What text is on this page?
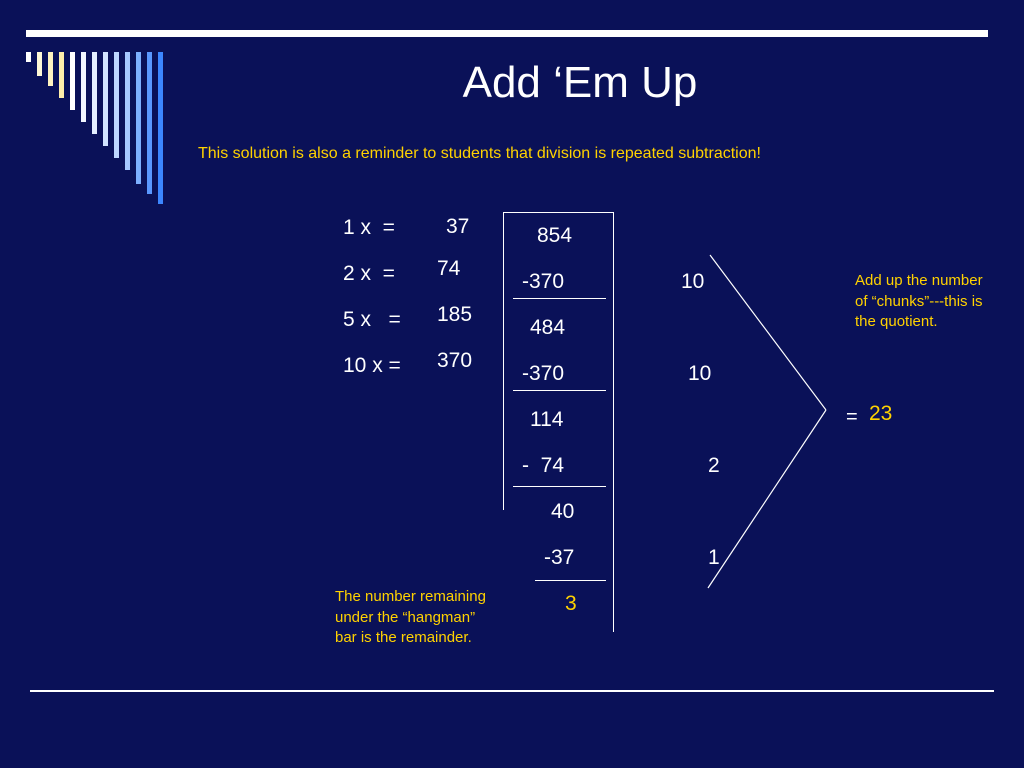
Add ‘Em Up
This solution is also a reminder to students that division is repeated subtraction!
1 x  = 37
2 x  = 74
5 x   = 185
10 x = 370
854
-370
484
-370
114
-  74
40
-37
3
10
10
2
1
= 23
Add up the number of “chunks”---this is the quotient.
The number remaining under the “hangman” bar is the remainder.
